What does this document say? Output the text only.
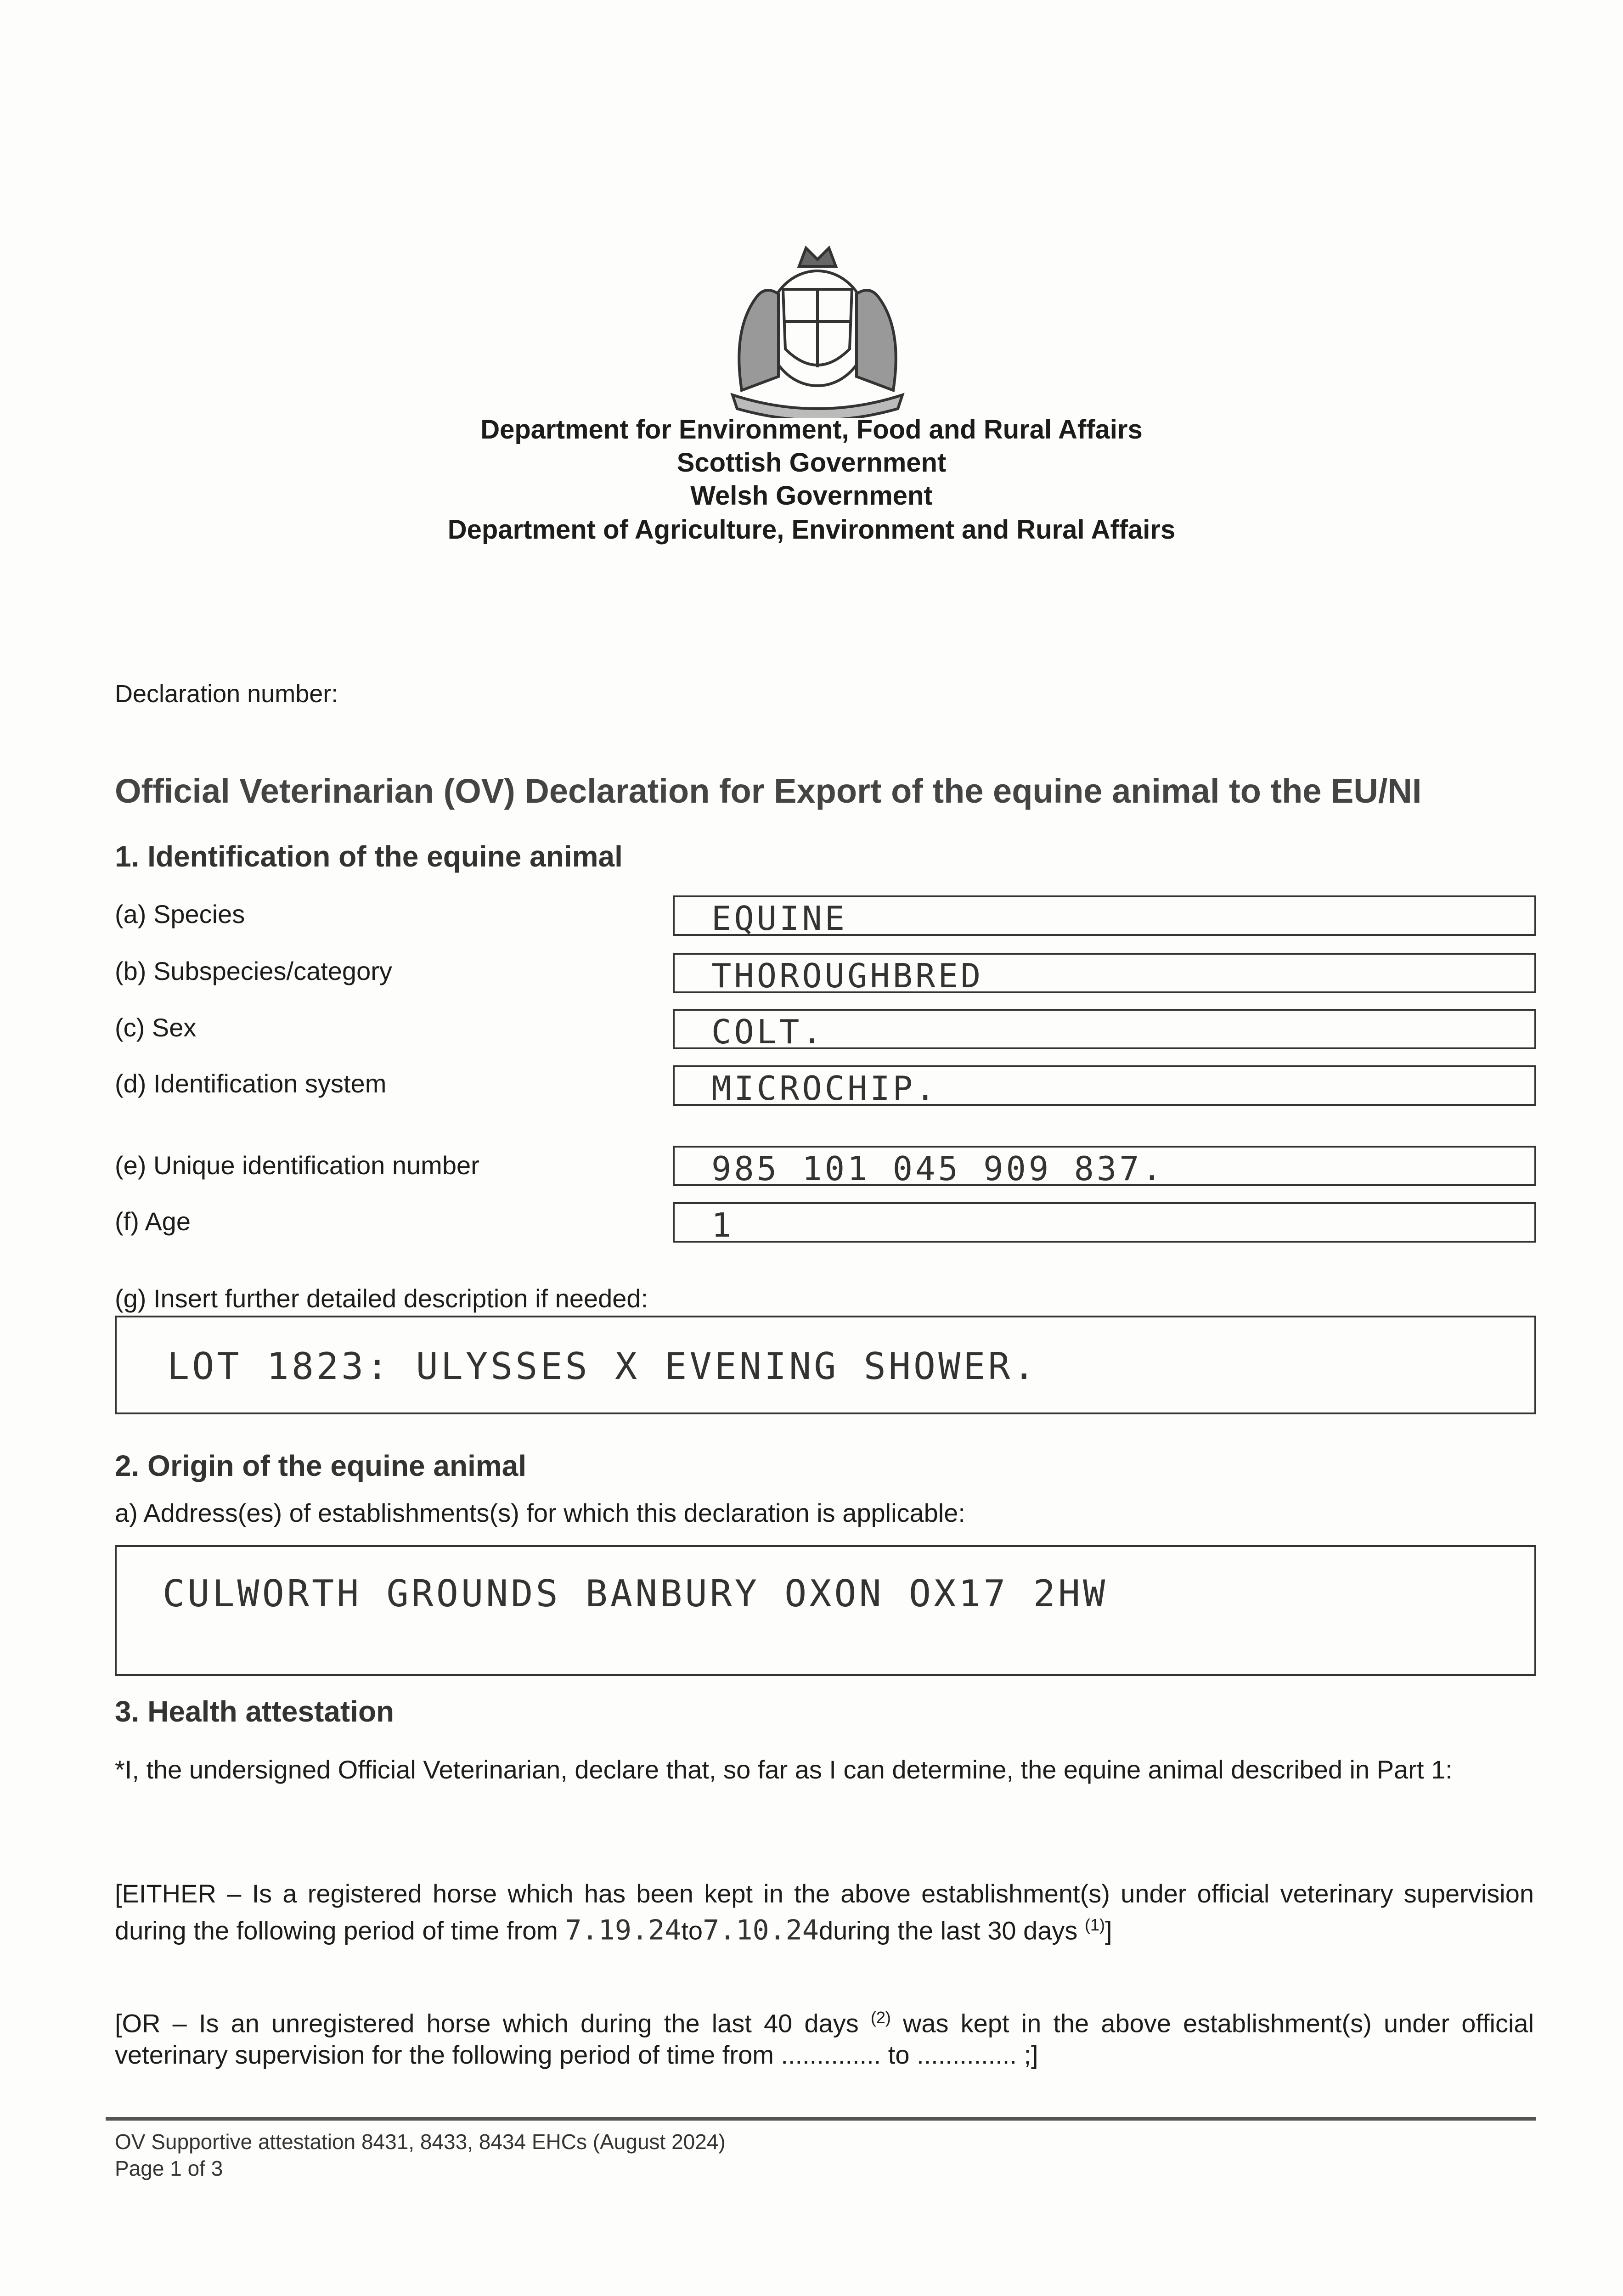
Department for Environment, Food and Rural Affairs
Scottish Government
Welsh Government
Department of Agriculture, Environment and Rural Affairs
Declaration number:
Official Veterinarian (OV) Declaration for Export of the equine animal to the EU/NI
1. Identification of the equine animal
(a) Species	EQUINE
(b) Subspecies/category	THOROUGHBRED
(c) Sex	COLT.
(d) Identification system	MICROCHIP.
(e) Unique identification number	985 101 045 909 837.
(f) Age	1
(g) Insert further detailed description if needed:
LOT 1823: ULYSSES X EVENING SHOWER.
2. Origin of the equine animal
a) Address(es) of establishments(s) for which this declaration is applicable:
CULWORTH GROUNDS BANBURY OXON OX17 2HW
3. Health attestation
*I, the undersigned Official Veterinarian, declare that, so far as I can determine, the equine animal described in Part 1:
[EITHER – Is a registered horse which has been kept in the above establishment(s) under official veterinary supervision during the following period of time from 7.19.24to7.10.24during the last 30 days $^{(1)}$]
[OR – Is an unregistered horse which during the last 40 days $^{(2)}$ was kept in the above establishment(s) under official veterinary supervision for the following period of time from .............. to .............. ;]
OV Supportive attestation 8431, 8433, 8434 EHCs (August 2024)
Page 1 of 3
